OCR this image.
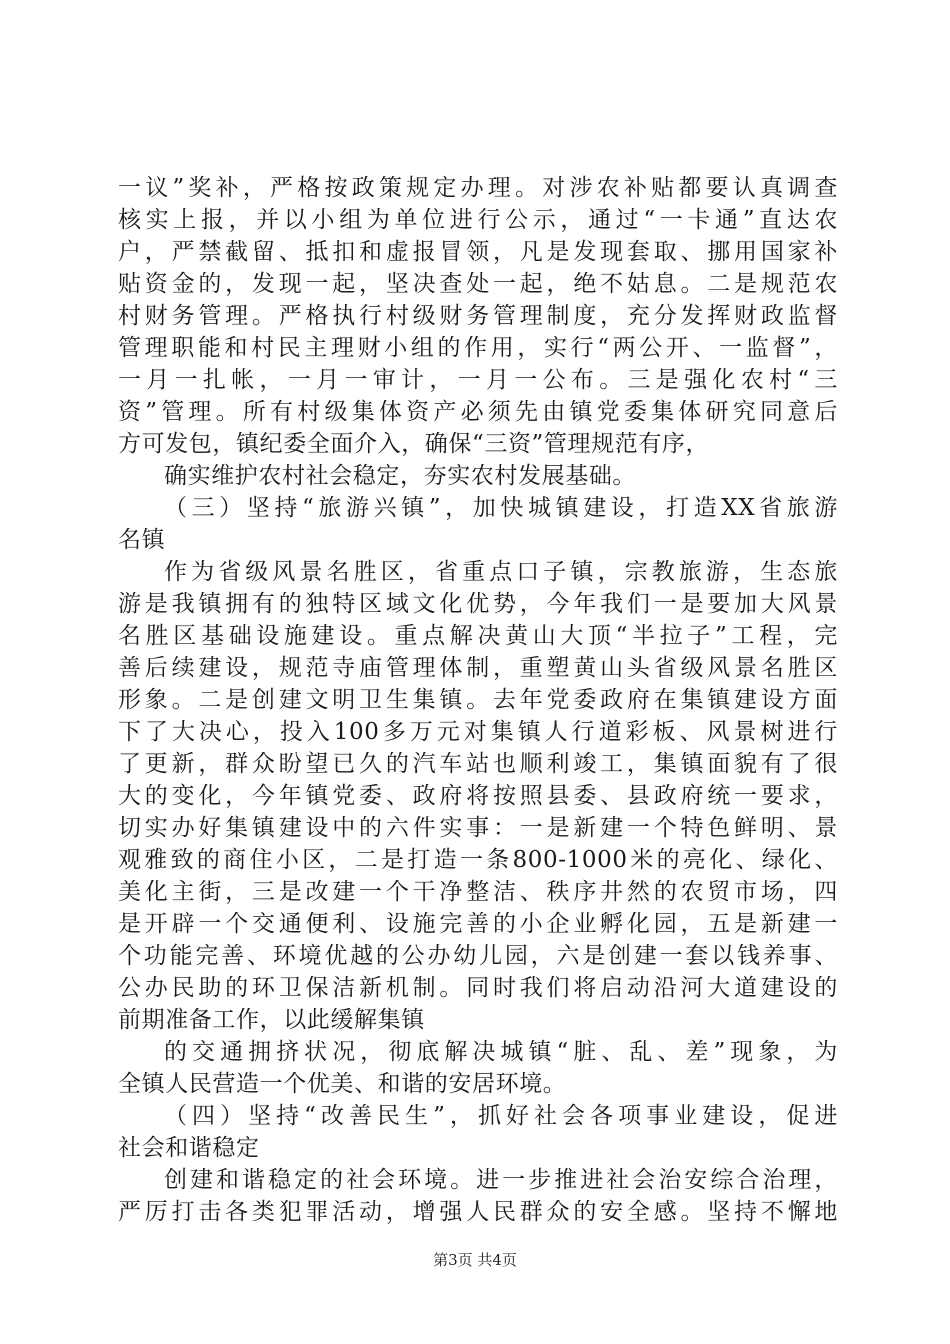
一议”奖补，严格按政策规定办理。对涉农补贴都要认真调查
核实上报，并以小组为单位进行公示，通过“一卡通”直达农
户，严禁截留、抵扣和虚报冒领，凡是发现套取、挪用国家补
贴资金的，发现一起，坚决查处一起，绝不姑息。二是规范农
村财务管理。严格执行村级财务管理制度，充分发挥财政监督
管理职能和村民主理财小组的作用，实行“两公开、一监督”，
一月一扎帐，一月一审计，一月一公布。三是强化农村“三
资”管理。所有村级集体资产必须先由镇党委集体研究同意后
方可发包，镇纪委全面介入，确保“三资”管理规范有序，
确实维护农村社会稳定，夯实农村发展基础。
（三）坚持“旅游兴镇”，加快城镇建设，打造XX省旅游
名镇
作为省级风景名胜区，省重点口子镇，宗教旅游，生态旅
游是我镇拥有的独特区域文化优势，今年我们一是要加大风景
名胜区基础设施建设。重点解决黄山大顶“半拉子”工程，完
善后续建设，规范寺庙管理体制，重塑黄山头省级风景名胜区
形象。二是创建文明卫生集镇。去年党委政府在集镇建设方面
下了大决心，投入100多万元对集镇人行道彩板、风景树进行
了更新，群众盼望已久的汽车站也顺利竣工，集镇面貌有了很
大的变化，今年镇党委、政府将按照县委、县政府统一要求，
切实办好集镇建设中的六件实事：一是新建一个特色鲜明、景
观雅致的商住小区，二是打造一条800-1000米的亮化、绿化、
美化主街，三是改建一个干净整洁、秩序井然的农贸市场，四
是开辟一个交通便利、设施完善的小企业孵化园，五是新建一
个功能完善、环境优越的公办幼儿园，六是创建一套以钱养事、
公办民助的环卫保洁新机制。同时我们将启动沿河大道建设的
前期准备工作，以此缓解集镇
的交通拥挤状况，彻底解决城镇“脏、乱、差”现象，为
全镇人民营造一个优美、和谐的安居环境。
（四）坚持“改善民生”，抓好社会各项事业建设，促进
社会和谐稳定
创建和谐稳定的社会环境。进一步推进社会治安综合治理，
严厉打击各类犯罪活动，增强人民群众的安全感。坚持不懈地
第3页 共4页
